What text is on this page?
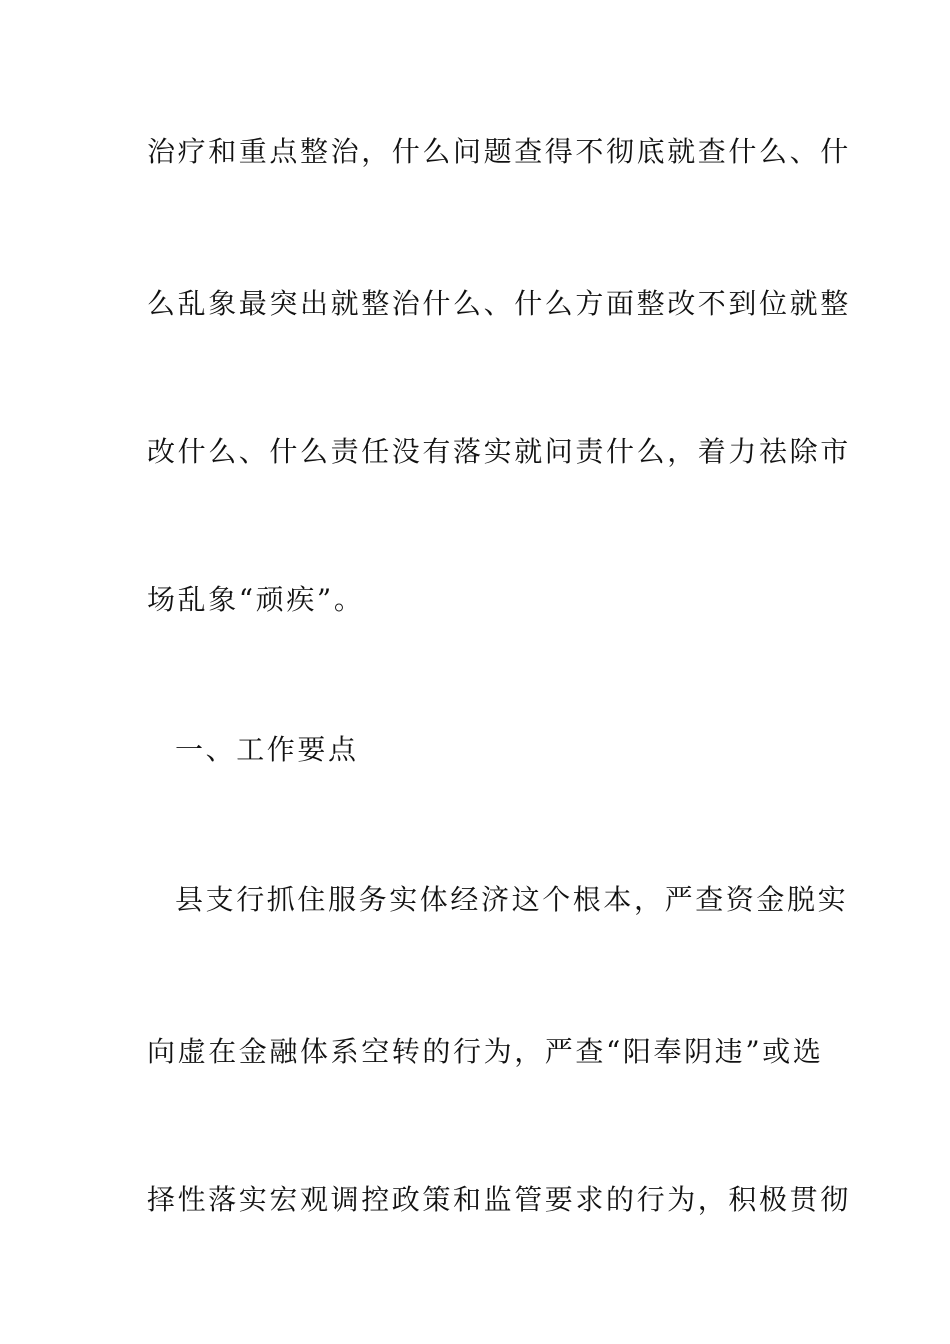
治疗和重点整治，什么问题查得不彻底就查什么、什
么乱象最突出就整治什么、什么方面整改不到位就整
改什么、什么责任没有落实就问责什么，着力祛除市
场乱象“顽疾”。
一、工作要点
县支行抓住服务实体经济这个根本，严查资金脱实
向虚在金融体系空转的行为，严查“阳奉阴违”或选
择性落实宏观调控政策和监管要求的行为，积极贯彻
